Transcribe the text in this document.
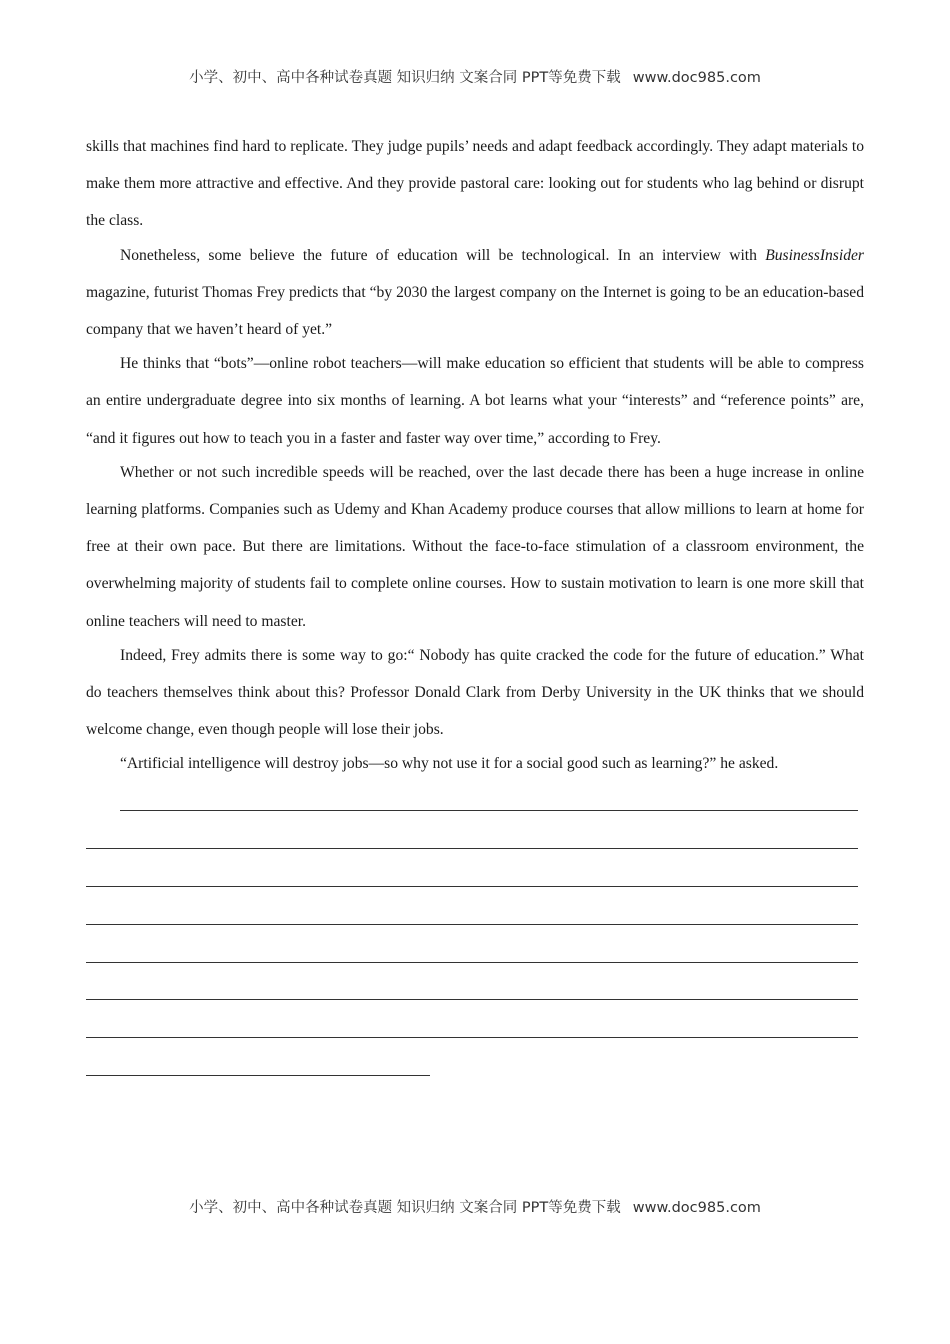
小学、初中、高中各种试卷真题 知识归纳 文案合同 PPT等免费下载 www.doc985.com

skills that machines find hard to replicate. They judge pupils’ needs and adapt feedback accordingly. They adapt materials to make them more attractive and effective. And they provide pastoral care: looking out for students who lag behind or disrupt the class.

Nonetheless, some believe the future of education will be technological. In an interview with BusinessInsider magazine, futurist Thomas Frey predicts that “by 2030 the largest company on the Internet is going to be an education-based company that we haven’t heard of yet.”

He thinks that “bots”—online robot teachers—will make education so efficient that students will be able to compress an entire undergraduate degree into six months of learning. A bot learns what your “interests” and “reference points” are, “and it figures out how to teach you in a faster and faster way over time,” according to Frey.

Whether or not such incredible speeds will be reached, over the last decade there has been a huge increase in online learning platforms. Companies such as Udemy and Khan Academy produce courses that allow millions to learn at home for free at their own pace. But there are limitations. Without the face-to-face stimulation of a classroom environment, the overwhelming majority of students fail to complete online courses. How to sustain motivation to learn is one more skill that online teachers will need to master.

Indeed, Frey admits there is some way to go:“ Nobody has quite cracked the code for the future of education.” What do teachers themselves think about this? Professor Donald Clark from Derby University in the UK thinks that we should welcome change, even though people will lose their jobs.

“Artificial intelligence will destroy jobs—so why not use it for a social good such as learning?” he asked.

小学、初中、高中各种试卷真题 知识归纳 文案合同 PPT等免费下载 www.doc985.com
